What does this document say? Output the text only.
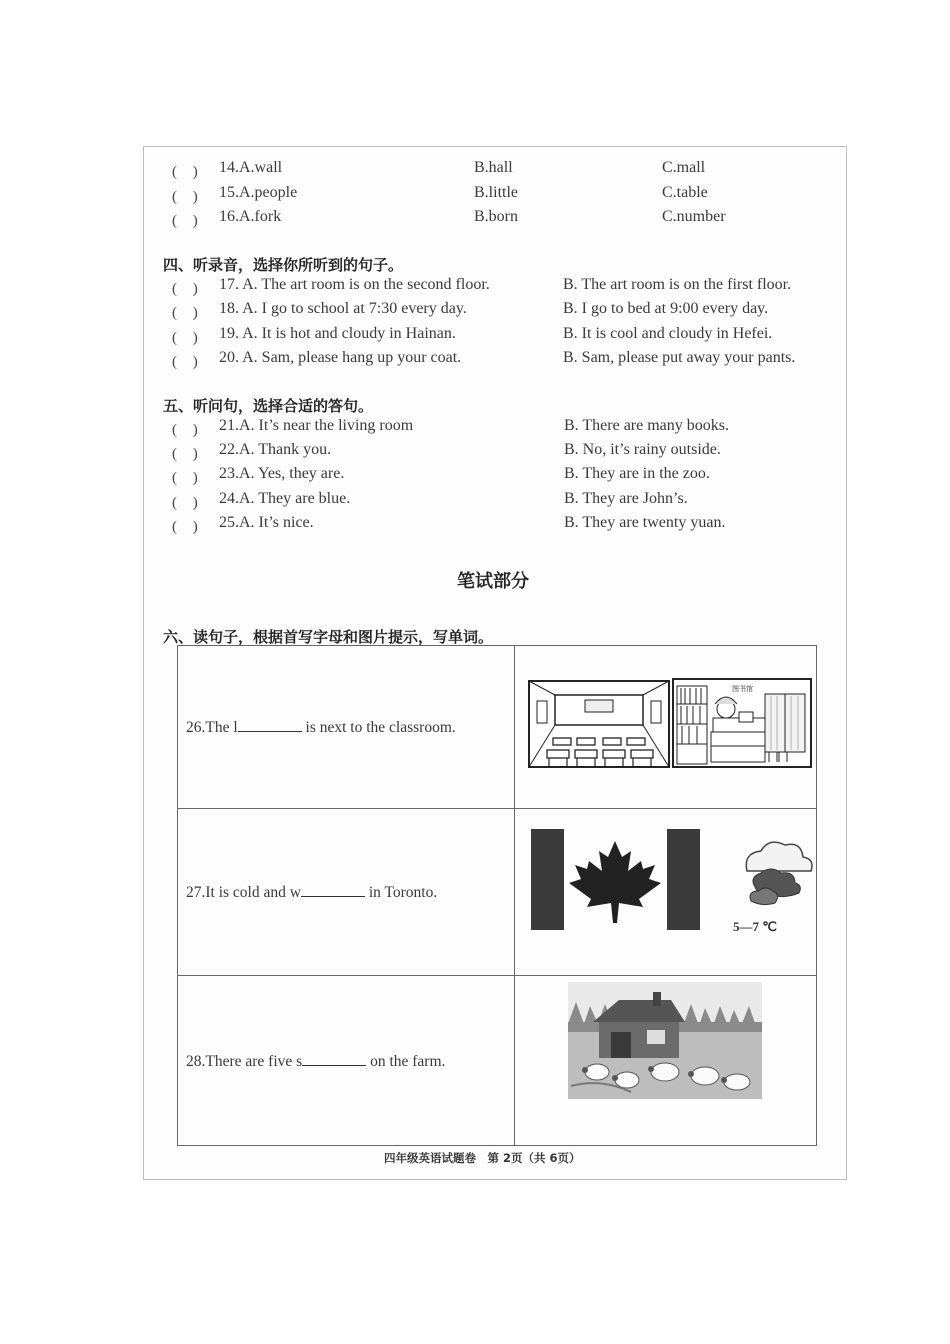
( ) 14.A.wall	B.hall	C.mall
( ) 15.A.people	B.little	C.table
( ) 16.A.fork	B.born	C.number
四、听录音，选择你所听到的句子。
( ) 17. A. The art room is on the second floor.	B. The art room is on the first floor.
( ) 18. A. I go to school at 7:30 every day.	B. I go to bed at 9:00 every day.
( ) 19. A. It is hot and cloudy in Hainan.	B. It is cool and cloudy in Hefei.
( ) 20. A. Sam, please hang up your coat.	B. Sam, please put away your pants.
五、听问句，选择合适的答句。
( ) 21.A. It’s near the living room	B. There are many books.
( ) 22.A. Thank you.	B. No, it’s rainy outside.
( ) 23.A. Yes, they are.	B. They are in the zoo.
( ) 24.A. They are blue.	B. They are John’s.
( ) 25.A. It’s nice.	B. They are twenty yuan.
笔试部分
六、读句子，根据首写字母和图片提示，写单词。
26.The l is next to the classroom.	图书馆

27.It is cold and w in Toronto.	5—7 ℃

28.There are five s on the farm.

四年级英语试题卷　第 2页（共 6页）
